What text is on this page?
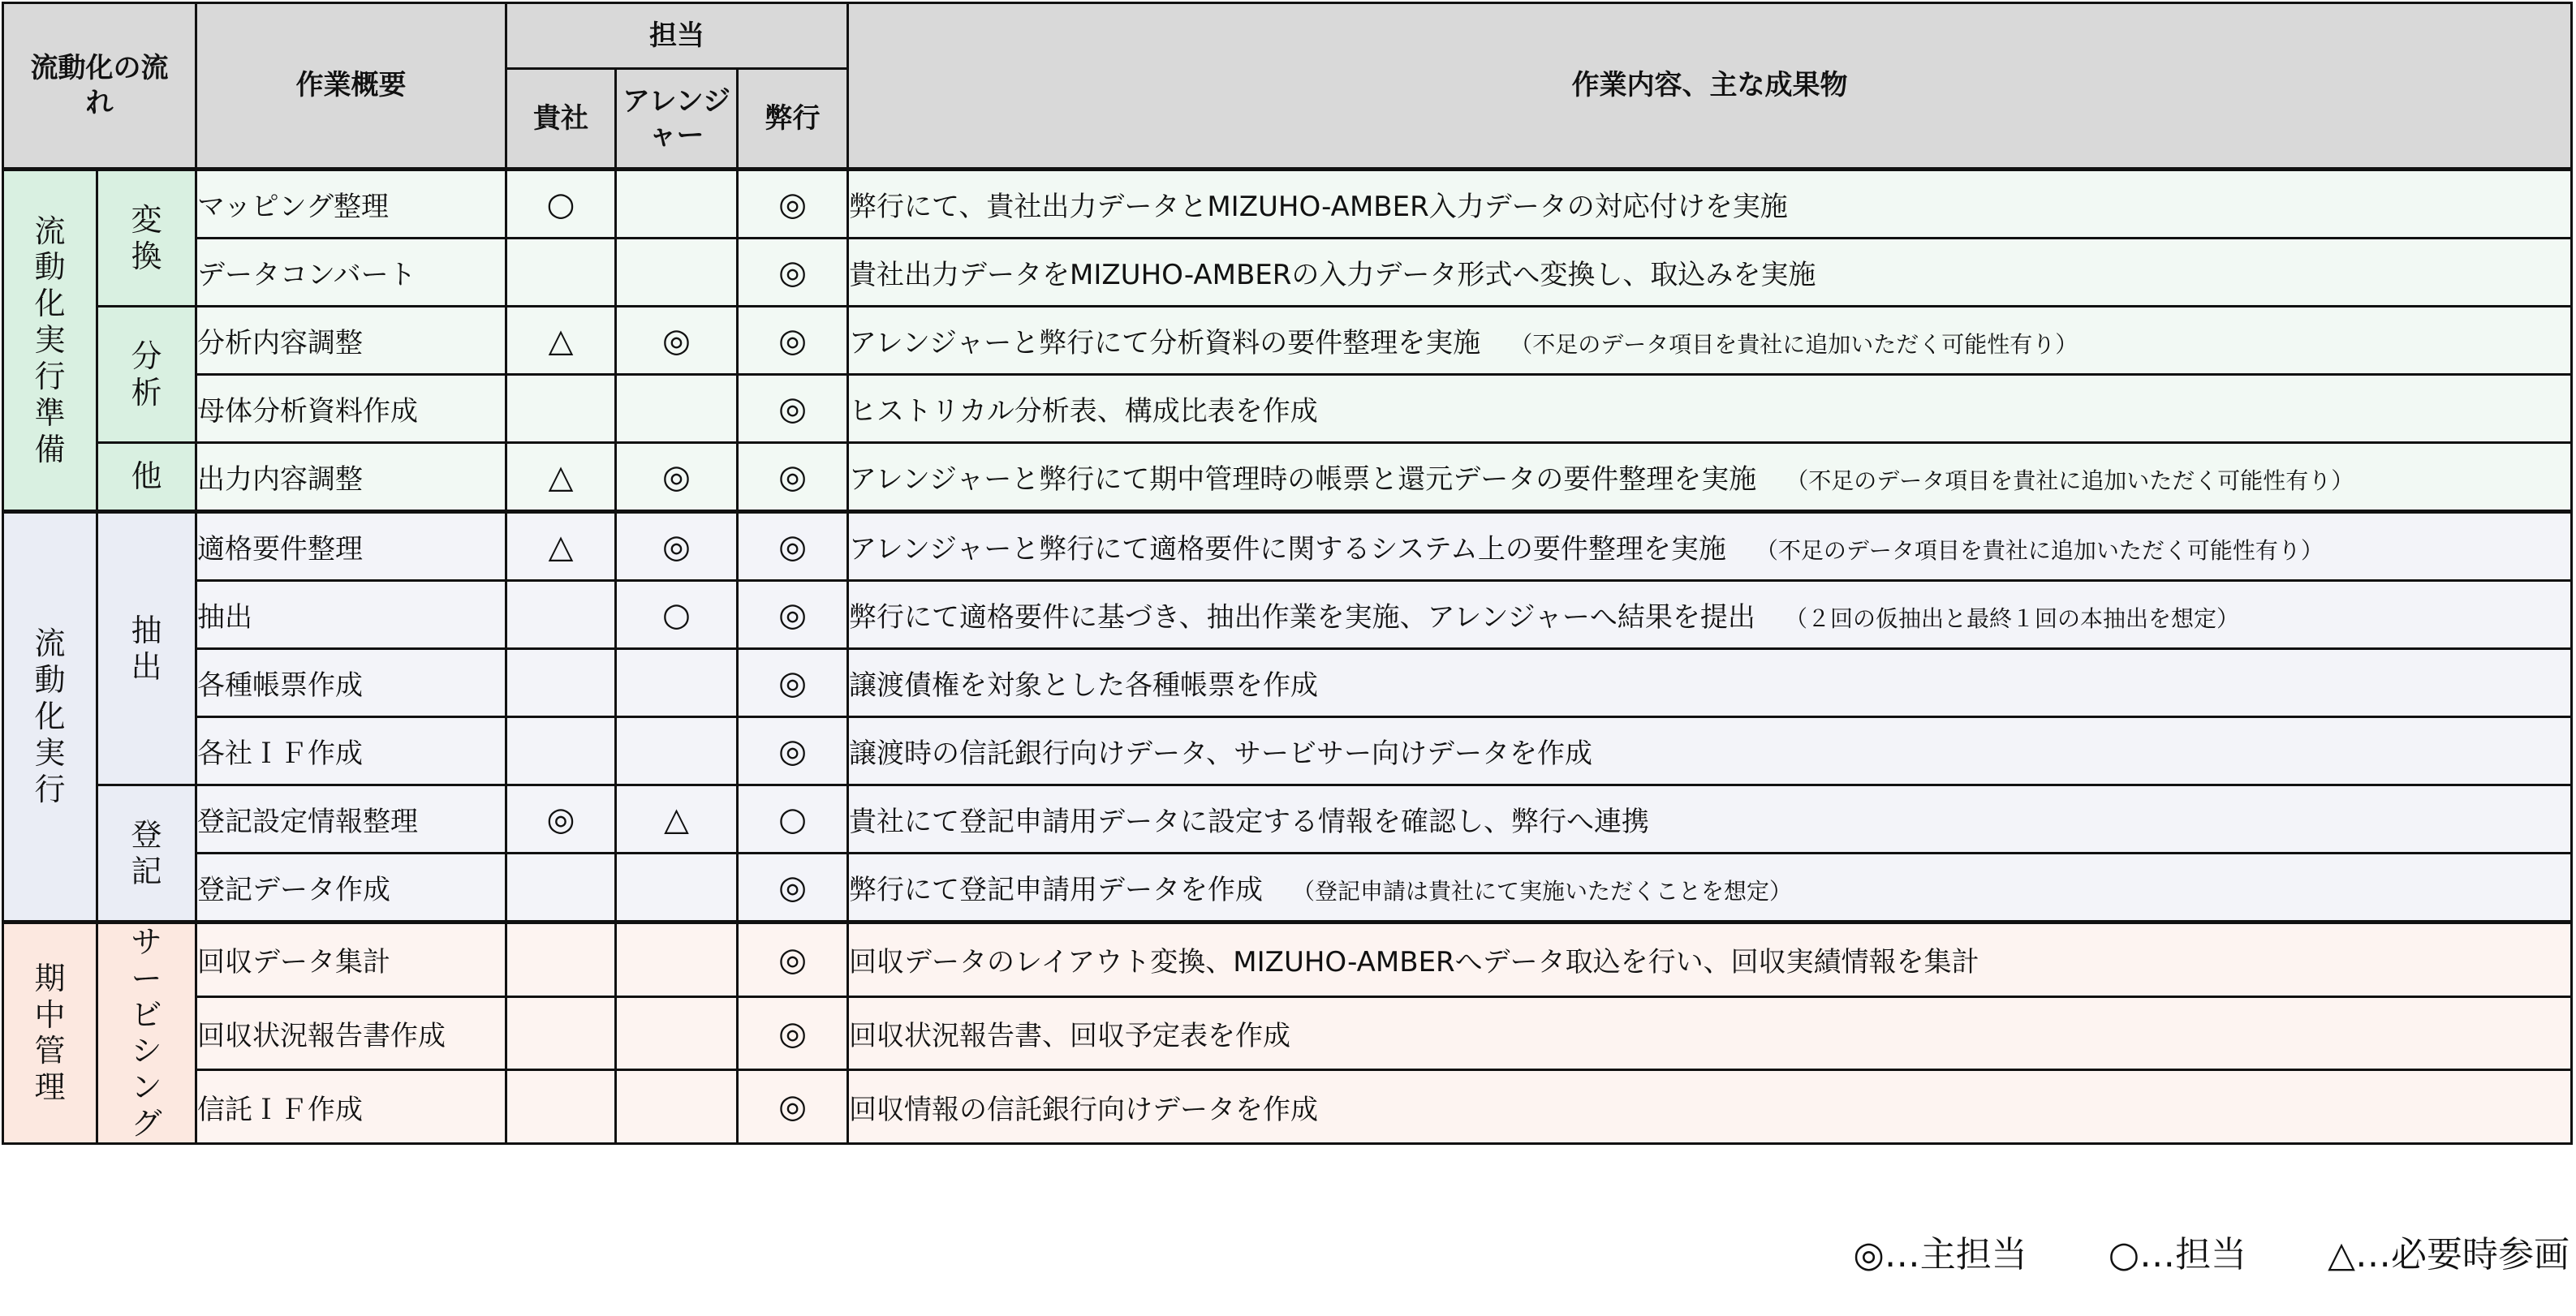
流動化の流れ		作業概要	担当			作業内容、主な成果物
			貴社	アレンジャー	弊行	
流動化実行準備	変換	マッピング整理	○		◎	弊行にて、貴社出力データとMIZUHO-AMBER入力データの対応付けを実施
		データコンバート			◎	貴社出力データをMIZUHO-AMBERの入力データ形式へ変換し、取込みを実施
	分析	分析内容調整	△	◎	◎	アレンジャーと弊行にて分析資料の要件整理を実施 （不足のデータ項目を貴社に追加いただく可能性有り）
		母体分析資料作成			◎	ヒストリカル分析表、構成比表を作成
	他	出力内容調整	△	◎	◎	アレンジャーと弊行にて期中管理時の帳票と還元データの要件整理を実施 （不足のデータ項目を貴社に追加いただく可能性有り）
流動化実行	抽出	適格要件整理	△	◎	◎	アレンジャーと弊行にて適格要件に関するシステム上の要件整理を実施 （不足のデータ項目を貴社に追加いただく可能性有り）
		抽出		○	◎	弊行にて適格要件に基づき、抽出作業を実施、アレンジャーへ結果を提出 （２回の仮抽出と最終１回の本抽出を想定）
		各種帳票作成			◎	譲渡債権を対象とした各種帳票を作成
		各社ＩＦ作成			◎	譲渡時の信託銀行向けデータ、サービサー向けデータを作成
	登記	登記設定情報整理	◎	△	○	貴社にて登記申請用データに設定する情報を確認し、弊行へ連携
		登記データ作成			◎	弊行にて登記申請用データを作成 （登記申請は貴社にて実施いただくことを想定）
期中管理	サービシング	回収データ集計			◎	回収データのレイアウト変換、MIZUHO-AMBERへデータ取込を行い、回収実績情報を集計
		回収状況報告書作成			◎	回収状況報告書、回収予定表を作成
		信託ＩＦ作成			◎	回収情報の信託銀行向けデータを作成
◎…主担当 ○…担当 △…必要時参画
